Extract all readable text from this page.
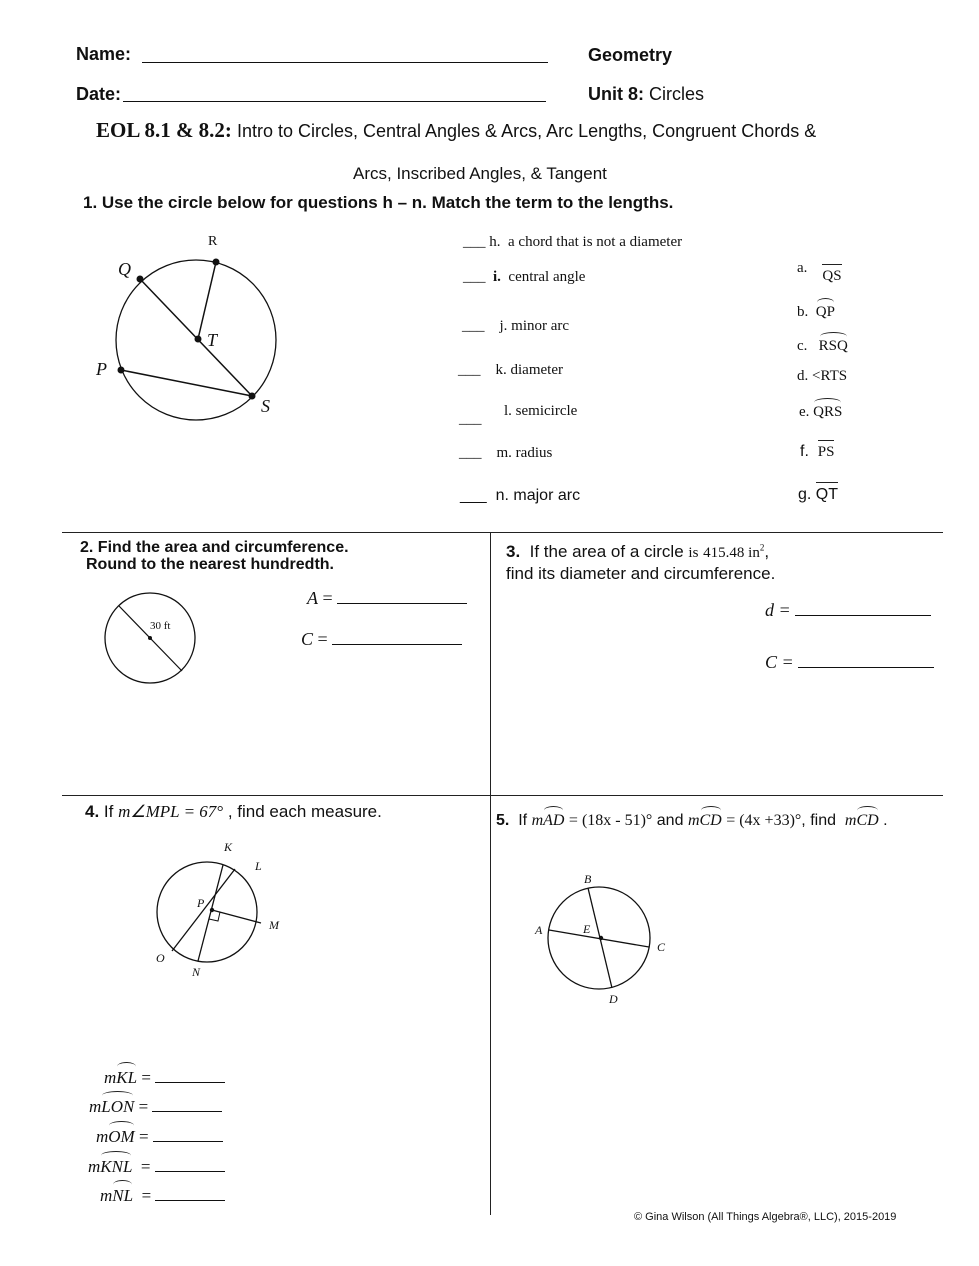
Name:
Date:
Geometry
Unit 8: Circles
EOL 8.1 & 8.2: Intro to Circles, Central Angles & Arcs, Arc Lengths, Congruent Chords &
Arcs, Inscribed Angles, & Tangent
1. Use the circle below for questions h – n. Match the term to the lengths.
R
Q
T
P
S
___ h. a chord that is not a diameter
___ i. central angle
___ j. minor arc
___ k. diameter
___ l. semicircle
___ m. radius
___ n. major arc
a. QS
b. QP
c. RSQ
d. <RTS
e. QRS
f. PS
g. QT
2. Find the area and circumference.
Round to the nearest hundredth.
30 ft
A =
C =
3. If the area of a circle is 415.48 $in^2$,
find its diameter and circumference.
d =
C =
4. If m∠MPL = 67° , find each measure.
K
L
P
M
O
N
mKL =
mLON =
mOM =
mKNL =
mNL =
5. If mAD = (18x - 51)° and mCD = (4x +33)°, find mCD .
B
A	E
C
D
© Gina Wilson (All Things Algebra®, LLC), 2015-2019
